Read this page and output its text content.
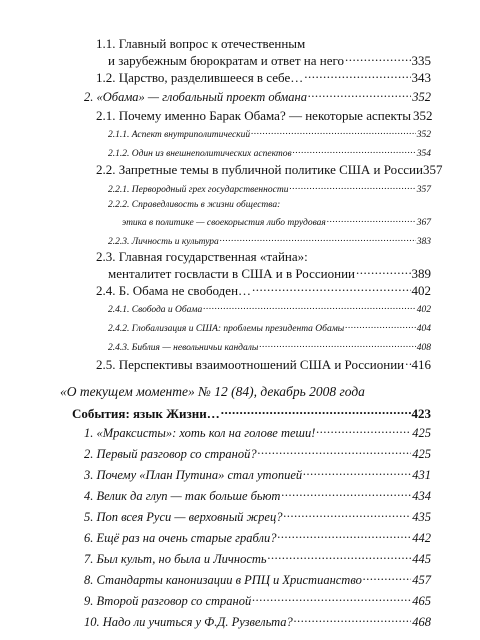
1.1. Главный вопрос к отечественным
и зарубежным бюрократам и ответ на него .....	335
1.2. Царство, разделившееся в себе… .....	343
2. «Обама» — глобальный проект обмана .....	352
2.1. Почему именно Барак Обама? — некоторые аспекты 352
2.1.1. Аспект внутриполитический .....	352
2.1.2. Один из внешнеполитических аспектов .....	354
2.2. Запретные темы в публичной политике США и России 357
2.2.1. Первородный грех государственности .....	357
2.2.2. Справедливость в жизни общества:
этика в политике — своекорыстия либо трудовая .....	367
2.2.3. Личность и культура .....	383
2.3. Главная государственная «тайна»:
менталитет госвласти в США и в Россионии .....	389
2.4. Б. Обама не свободен… .....	402
2.4.1. Свобода и Обама .....	402
2.4.2. Глобализация и США: проблемы президента Обамы .....	404
2.4.3. Библия — невольничьи кандалы .....	408
2.5. Перспективы взаимоотношений США и Россионии ..... 416
«О текущем моменте» № 12 (84), декабрь 2008 года
События: язык Жизни… .....	423
1. «Мраксисты»: хоть кол на голове теши! .....	425
2. Первый разговор со страной? .....	425
3. Почему «План Путина» стал утопией .....	431
4. Велик да глуп — так больше бьют .....	434
5. Поп всея Руси — верховный жрец? .....	435
6. Ещё раз на очень старые грабли? .....	442
7. Был культ, но была и Личность .....	445
8. Стандарты канонизации в РПЦ и Христианство .....	457
9. Второй разговор со страной .....	465
10. Надо ли учиться у Ф.Д. Рузвельта? .....	468
